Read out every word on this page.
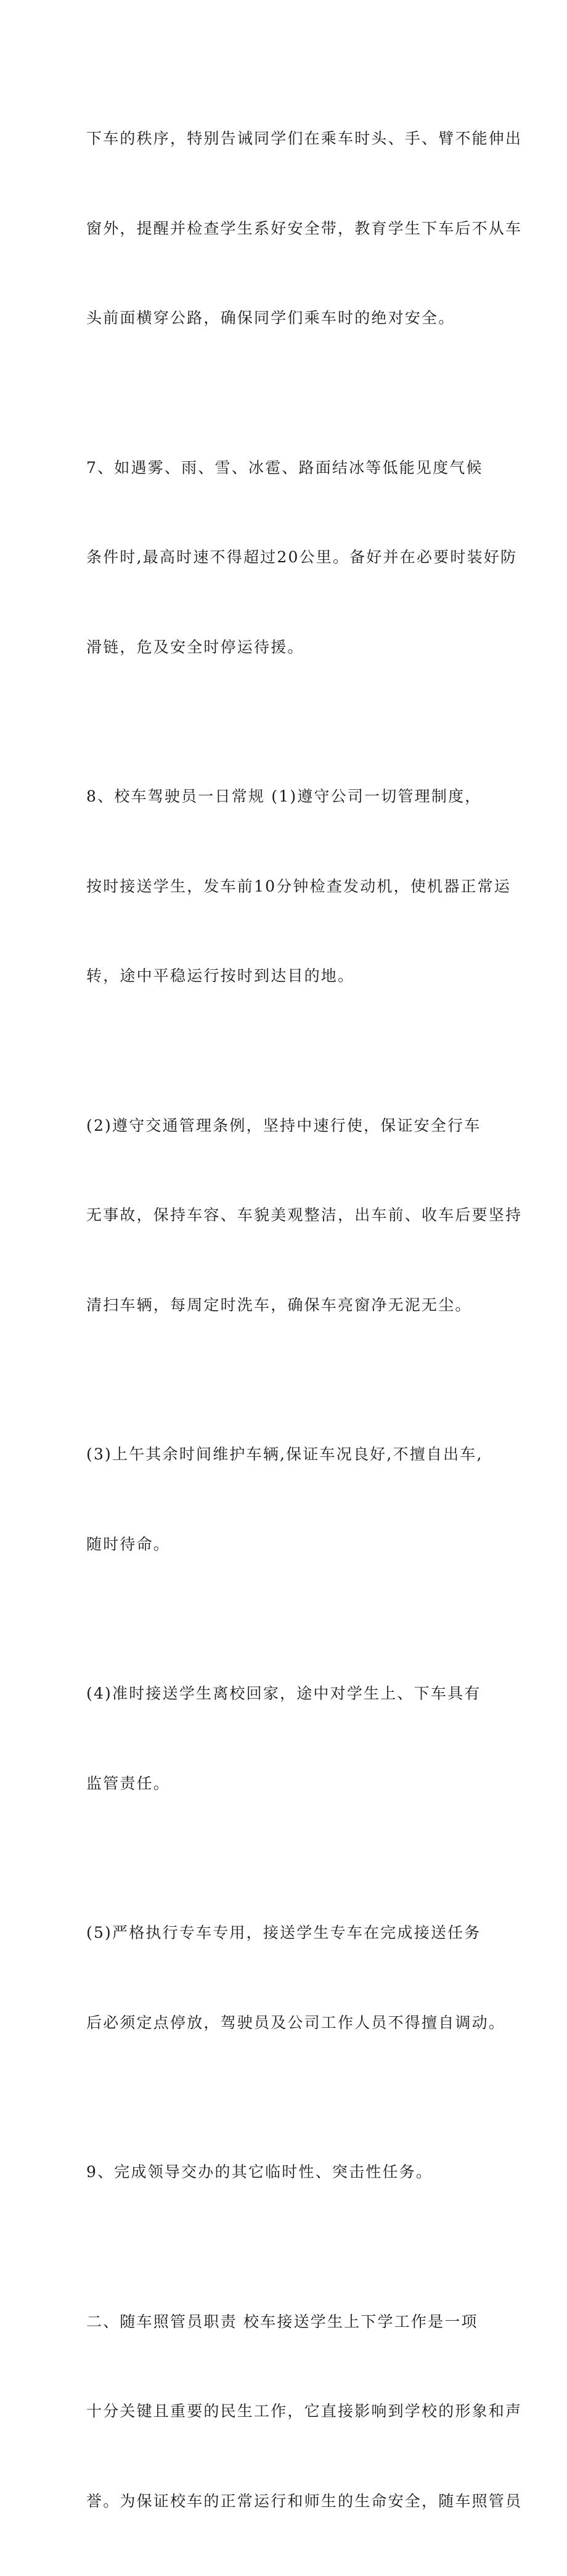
下车的秩序，特别告诫同学们在乘车时头、手、臂不能伸出

窗外，提醒并检查学生系好安全带，教育学生下车后不从车

头前面横穿公路，确保同学们乘车时的绝对安全。

7、如遇雾、雨、雪、冰雹、路面结冰等低能见度气候

条件时,最高时速不得超过20公里。备好并在必要时装好防

滑链，危及安全时停运待援。

8、校车驾驶员一日常规 (1)遵守公司一切管理制度，

按时接送学生，发车前10分钟检查发动机，使机器正常运

转，途中平稳运行按时到达目的地。

(2)遵守交通管理条例，坚持中速行使，保证安全行车

无事故，保持车容、车貌美观整洁，出车前、收车后要坚持

清扫车辆，每周定时洗车，确保车亮窗净无泥无尘。

(3)上午其余时间维护车辆,保证车况良好,不擅自出车,

随时待命。

(4)准时接送学生离校回家，途中对学生上、下车具有

监管责任。

(5)严格执行专车专用，接送学生专车在完成接送任务

后必须定点停放，驾驶员及公司工作人员不得擅自调动。

9、完成领导交办的其它临时性、突击性任务。

二、随车照管员职责 校车接送学生上下学工作是一项

十分关键且重要的民生工作，它直接影响到学校的形象和声

誉。为保证校车的正常运行和师生的生命安全，随车照管员
